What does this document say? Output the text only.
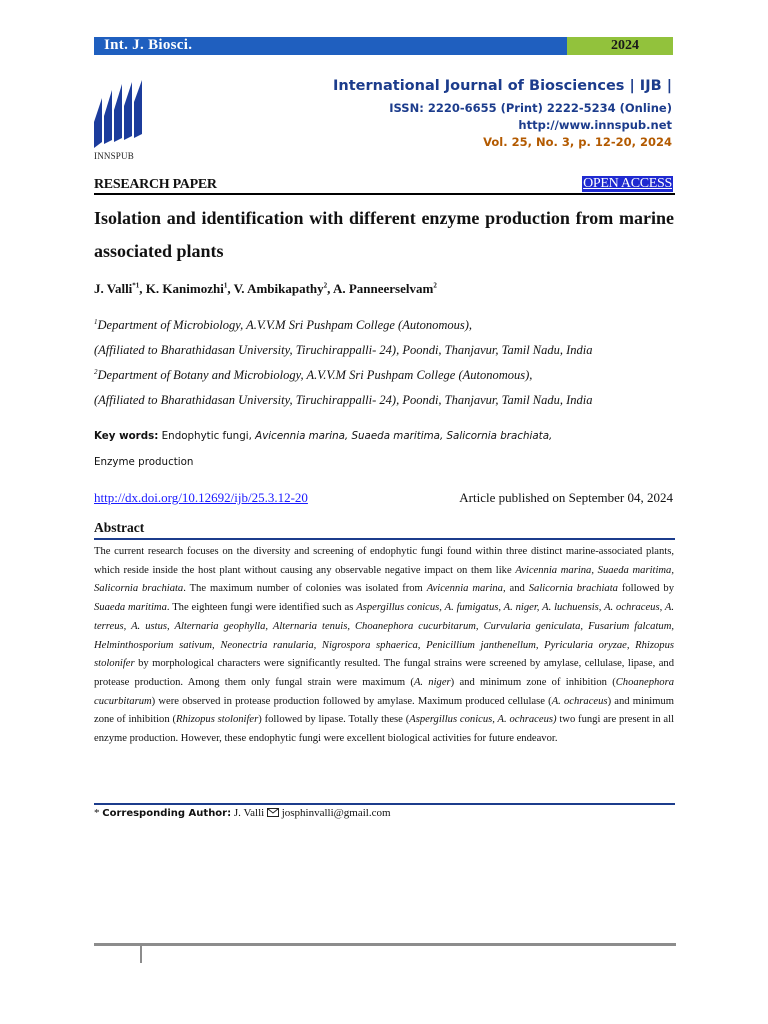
Int. J. Biosci.	2024
INNSPUB
International Journal of Biosciences | IJB |
ISSN: 2220-6655 (Print) 2222-5234 (Online)
http://www.innspub.net
Vol. 25, No. 3, p. 12-20, 2024
RESEARCH PAPER	OPEN ACCESS
Isolation and identification with different enzyme production from marine associated plants
J. Valli$^{*1}$, K. Kanimozhi$^1$, V. Ambikapathy$^2$, A. Panneerselvam$^2$
$^1$Department of Microbiology, A.V.V.M Sri Pushpam College (Autonomous),
(Affiliated to Bharathidasan University, Tiruchirappalli- 24), Poondi, Thanjavur, Tamil Nadu, India
$^2$Department of Botany and Microbiology, A.V.V.M Sri Pushpam College (Autonomous),
(Affiliated to Bharathidasan University, Tiruchirappalli- 24), Poondi, Thanjavur, Tamil Nadu, India
Key words: Endophytic fungi, Avicennia marina, Suaeda maritima, Salicornia brachiata,
Enzyme production
http://dx.doi.org/10.12692/ijb/25.3.12-20	Article published on September 04, 2024
Abstract
The current research focuses on the diversity and screening of endophytic fungi found within three distinct marine-associated plants, which reside inside the host plant without causing any observable negative impact on them like Avicennia marina, Suaeda maritima, Salicornia brachiata. The maximum number of colonies was isolated from Avicennia marina, and Salicornia brachiata followed by Suaeda maritima. The eighteen fungi were identified such as Aspergillus conicus, A. fumigatus, A. niger, A. luchuensis, A. ochraceus, A. terreus, A. ustus, Alternaria geophylla, Alternaria tenuis, Choanephora cucurbitarum, Curvularia geniculata, Fusarium falcatum, Helminthosporium sativum, Neonectria ranularia, Nigrospora sphaerica, Penicillium janthenellum, Pyricularia oryzae, Rhizopus stolonifer by morphological characters were significantly resulted. The fungal strains were screened by amylase, cellulase, lipase, and protease production. Among them only fungal strain were maximum (A. niger) and minimum zone of inhibition (Choanephora cucurbitarum) were observed in protease production followed by amylase. Maximum produced cellulase (A. ochraceus) and minimum zone of inhibition (Rhizopus stolonifer) followed by lipase. Totally these (Aspergillus conicus, A. ochraceus) two fungi are present in all enzyme production. However, these endophytic fungi were excellent biological activities for future endeavor.
* Corresponding Author: J. Valli josphinvalli@gmail.com
